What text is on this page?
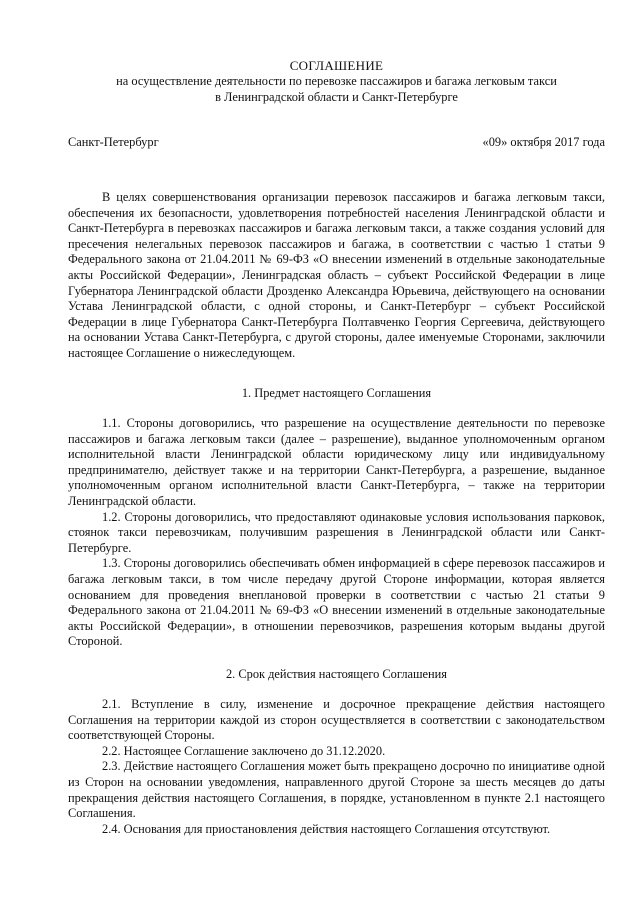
СОГЛАШЕНИЕ
на осуществление деятельности по перевозке пассажиров и багажа легковым такси
в Ленинградской области и Санкт-Петербурге
Санкт-Петербург	«09» октября 2017 года

В целях совершенствования организации перевозок пассажиров и багажа легковым такси, обеспечения их безопасности, удовлетворения потребностей населения Ленинградской области и Санкт-Петербурга в перевозках пассажиров и багажа легковым такси, а также создания условий для пресечения нелегальных перевозок пассажиров и багажа, в соответствии с частью 1 статьи 9 Федерального закона от 21.04.2011 № 69-ФЗ «О внесении изменений в отдельные законодательные акты Российской Федерации», Ленинградская область – субъект Российской Федерации в лице Губернатора Ленинградской области Дрозденко Александра Юрьевича, действующего на основании Устава Ленинградской области, с одной стороны, и Санкт-Петербург – субъект Российской Федерации в лице Губернатора Санкт-Петербурга Полтавченко Георгия Сергеевича, действующего на основании Устава Санкт-Петербурга, с другой стороны, далее именуемые Сторонами, заключили настоящее Соглашение о нижеследующем.

1. Предмет настоящего Соглашения

1.1. Стороны договорились, что разрешение на осуществление деятельности по перевозке пассажиров и багажа легковым такси (далее – разрешение), выданное уполномоченным органом исполнительной власти Ленинградской области юридическому лицу или индивидуальному предпринимателю, действует также и на территории Санкт-Петербурга, а разрешение, выданное уполномоченным органом исполнительной власти Санкт-Петербурга, – также на территории Ленинградской области.

1.2. Стороны договорились, что предоставляют одинаковые условия использования парковок, стоянок такси перевозчикам, получившим разрешения в Ленинградской области или Санкт-Петербурге.

1.3. Стороны договорились обеспечивать обмен информацией в сфере перевозок пассажиров и багажа легковым такси, в том числе передачу другой Стороне информации, которая является основанием для проведения внеплановой проверки в соответствии с частью 21 статьи 9 Федерального закона от 21.04.2011 № 69-ФЗ «О внесении изменений в отдельные законодательные акты Российской Федерации», в отношении перевозчиков, разрешения которым выданы другой Стороной.

2. Срок действия настоящего Соглашения

2.1. Вступление в силу, изменение и досрочное прекращение действия настоящего Соглашения на территории каждой из сторон осуществляется в соответствии с законодательством соответствующей Стороны.

2.2. Настоящее Соглашение заключено до 31.12.2020.

2.3. Действие настоящего Соглашения может быть прекращено досрочно по инициативе одной из Сторон на основании уведомления, направленного другой Стороне за шесть месяцев до даты прекращения действия настоящего Соглашения, в порядке, установленном в пункте 2.1 настоящего Соглашения.

2.4. Основания для приостановления действия настоящего Соглашения отсутствуют.
